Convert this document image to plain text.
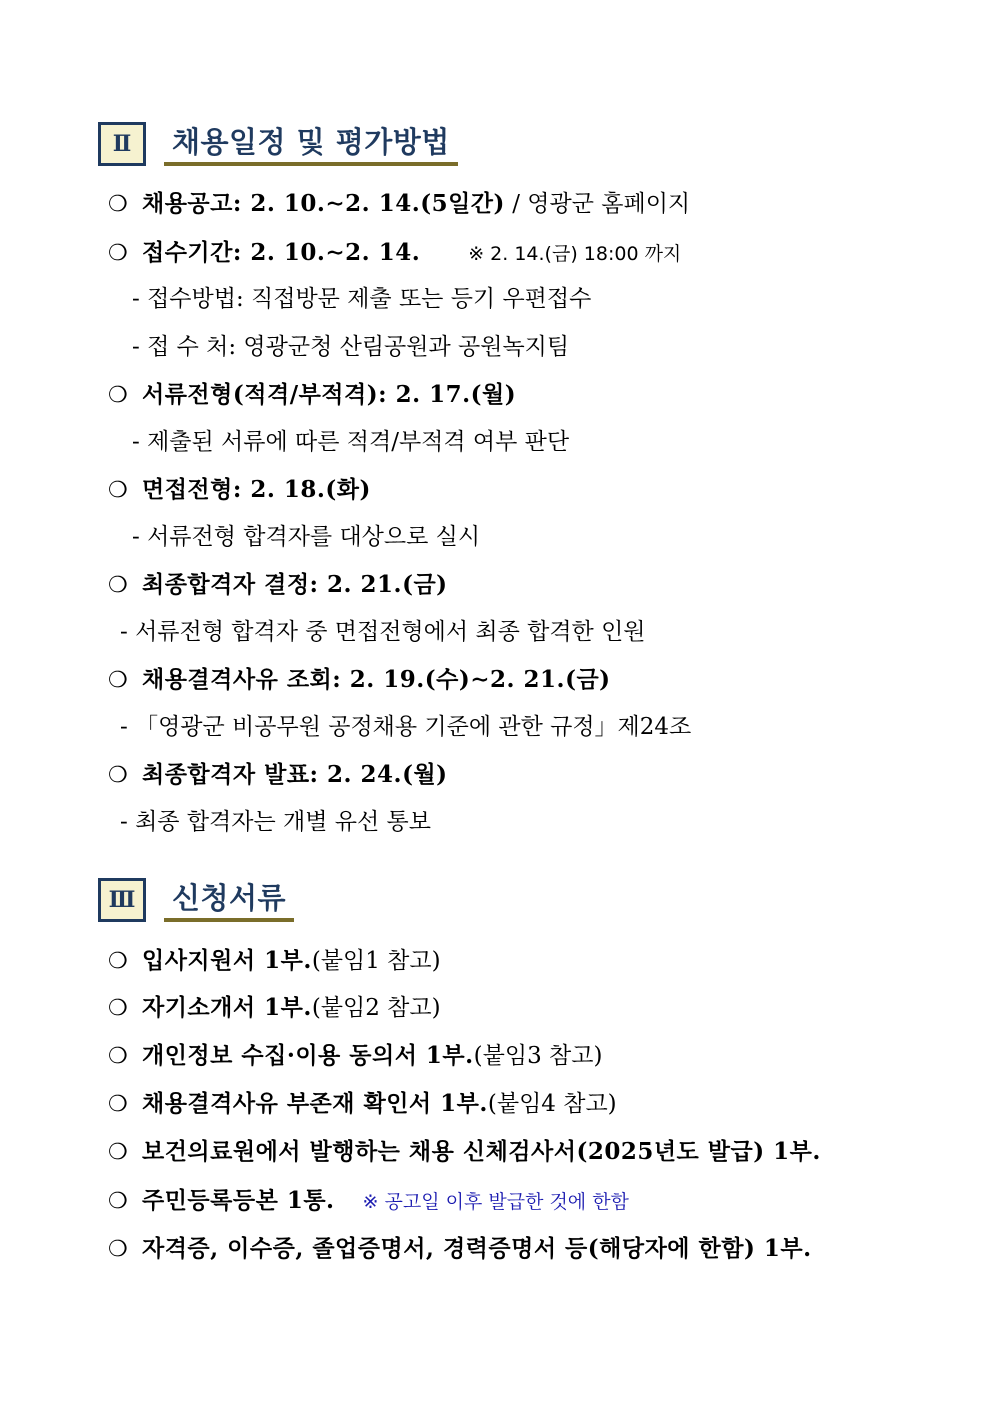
Ⅱ	채용일정 및 평가방법
❍ 채용공고: 2. 10.∼2. 14.(5일간) / 영광군 홈페이지
❍ 접수기간: 2. 10.∼2. 14.	※ 2. 14.(금) 18:00 까지
- 접수방법: 직접방문 제출 또는 등기 우편접수
- 접 수 처: 영광군청 산림공원과 공원녹지팀
❍ 서류전형(적격/부적격): 2. 17.(월)
- 제출된 서류에 따른 적격/부적격 여부 판단
❍ 면접전형: 2. 18.(화)
- 서류전형 합격자를 대상으로 실시
❍ 최종합격자 결정: 2. 21.(금)
- 서류전형 합격자 중 면접전형에서 최종 합격한 인원
❍ 채용결격사유 조회: 2. 19.(수)∼2. 21.(금)
- 「영광군 비공무원 공정채용 기준에 관한 규정」제24조
❍ 최종합격자 발표: 2. 24.(월)
- 최종 합격자는 개별 유선 통보
Ⅲ	신청서류
❍ 입사지원서 1부.(붙임1 참고)
❍ 자기소개서 1부.(붙임2 참고)
❍ 개인정보 수집·이용 동의서 1부.(붙임3 참고)
❍ 채용결격사유 부존재 확인서 1부.(붙임4 참고)
❍ 보건의료원에서 발행하는 채용 신체검사서(2025년도 발급) 1부.
❍ 주민등록등본 1통. ※ 공고일 이후 발급한 것에 한함
❍ 자격증, 이수증, 졸업증명서, 경력증명서 등(해당자에 한함) 1부.
